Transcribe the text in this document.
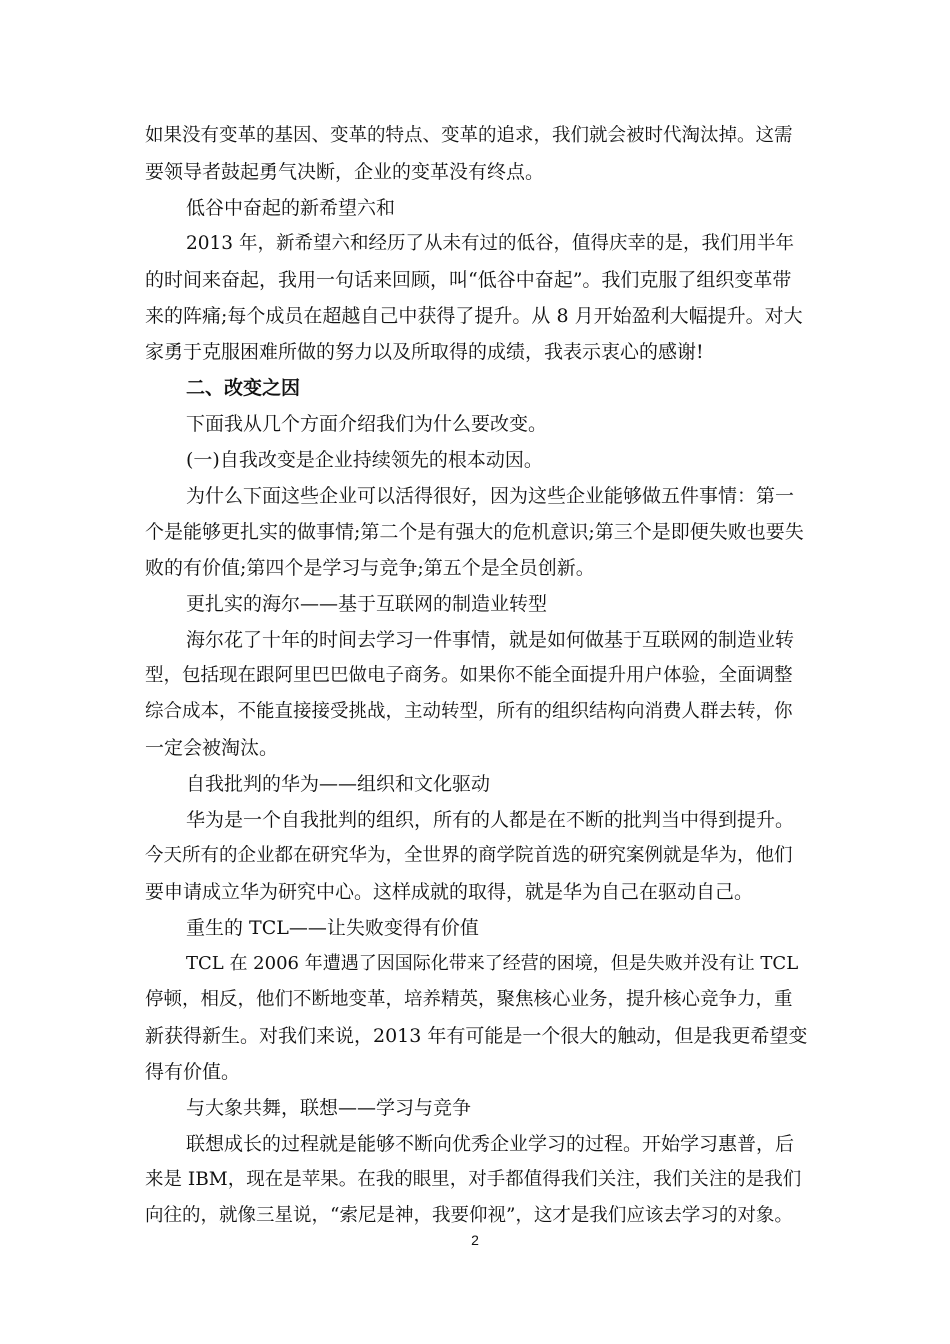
如果没有变革的基因、变革的特点、变革的追求，我们就会被时代淘汰掉。这需
要领导者鼓起勇气决断，企业的变革没有终点。
低谷中奋起的新希望六和
2013 年，新希望六和经历了从未有过的低谷，值得庆幸的是，我们用半年
的时间来奋起，我用一句话来回顾，叫“低谷中奋起”。我们克服了组织变革带
来的阵痛;每个成员在超越自己中获得了提升。从 8 月开始盈利大幅提升。对大
家勇于克服困难所做的努力以及所取得的成绩，我表示衷心的感谢!
二、改变之因
下面我从几个方面介绍我们为什么要改变。
(一)自我改变是企业持续领先的根本动因。
为什么下面这些企业可以活得很好，因为这些企业能够做五件事情：第一
个是能够更扎实的做事情;第二个是有强大的危机意识;第三个是即便失败也要失
败的有价值;第四个是学习与竞争;第五个是全员创新。
更扎实的海尔——基于互联网的制造业转型
海尔花了十年的时间去学习一件事情，就是如何做基于互联网的制造业转
型，包括现在跟阿里巴巴做电子商务。如果你不能全面提升用户体验，全面调整
综合成本，不能直接接受挑战，主动转型，所有的组织结构向消费人群去转，你
一定会被淘汰。
自我批判的华为——组织和文化驱动
华为是一个自我批判的组织，所有的人都是在不断的批判当中得到提升。
今天所有的企业都在研究华为，全世界的商学院首选的研究案例就是华为，他们
要申请成立华为研究中心。这样成就的取得，就是华为自己在驱动自己。
重生的 TCL——让失败变得有价值
TCL 在 2006 年遭遇了因国际化带来了经营的困境，但是失败并没有让 TCL
停顿，相反，他们不断地变革，培养精英，聚焦核心业务，提升核心竞争力，重
新获得新生。对我们来说，2013 年有可能是一个很大的触动，但是我更希望变
得有价值。
与大象共舞，联想——学习与竞争
联想成长的过程就是能够不断向优秀企业学习的过程。开始学习惠普，后
来是 IBM，现在是苹果。在我的眼里，对手都值得我们关注，我们关注的是我们
向往的，就像三星说，“索尼是神，我要仰视”，这才是我们应该去学习的对象。
2
